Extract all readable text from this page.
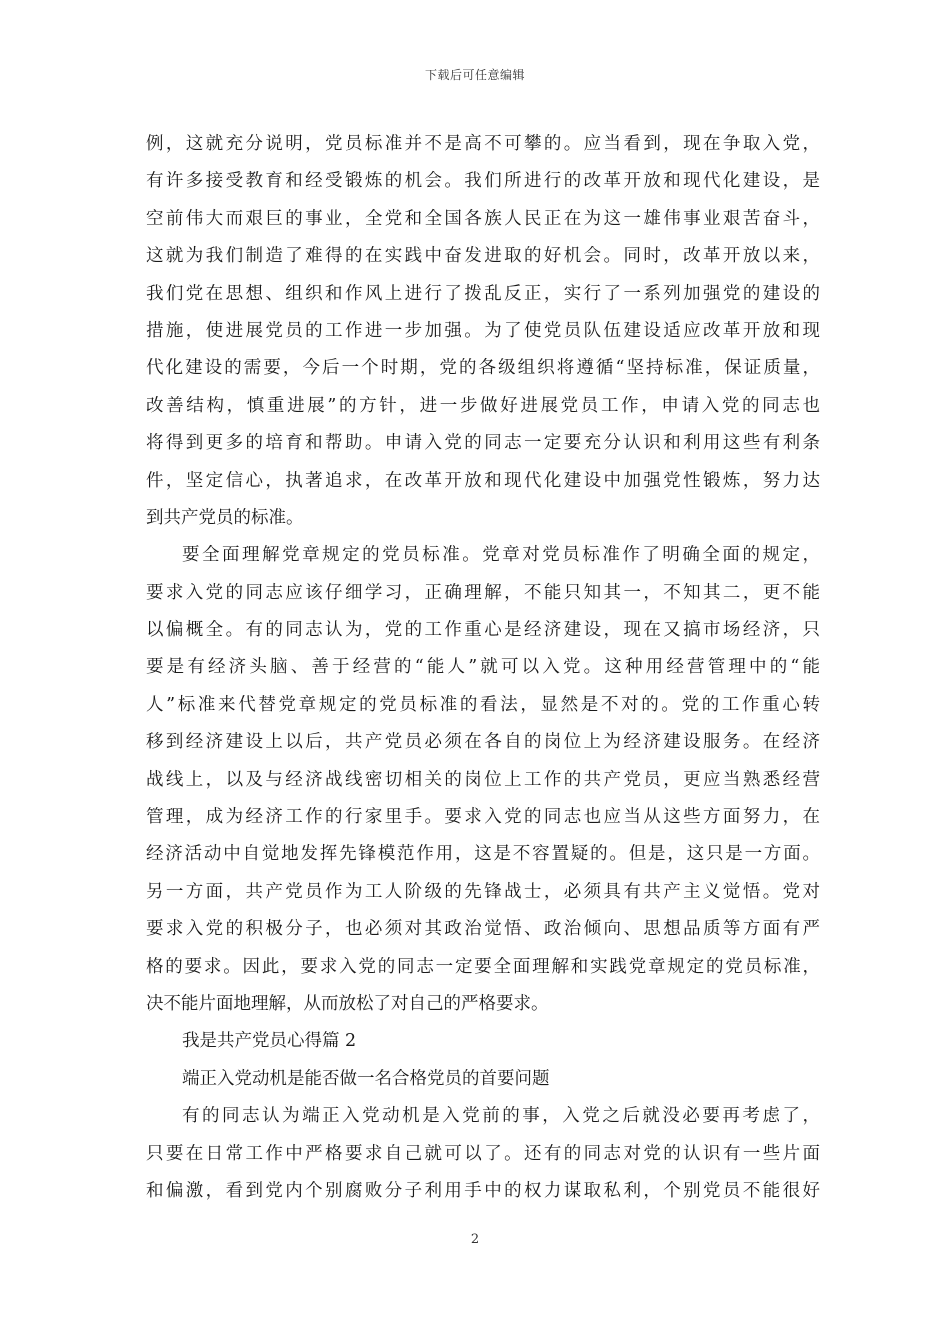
下载后可任意编辑
例，这就充分说明，党员标准并不是高不可攀的。应当看到，现在争取入党，
有许多接受教育和经受锻炼的机会。我们所进行的改革开放和现代化建设，是
空前伟大而艰巨的事业，全党和全国各族人民正在为这一雄伟事业艰苦奋斗，
这就为我们制造了难得的在实践中奋发进取的好机会。同时，改革开放以来，
我们党在思想、组织和作风上进行了拨乱反正，实行了一系列加强党的建设的
措施，使进展党员的工作进一步加强。为了使党员队伍建设适应改革开放和现
代化建设的需要，今后一个时期，党的各级组织将遵循“坚持标准，保证质量，
改善结构，慎重进展”的方针，进一步做好进展党员工作，申请入党的同志也
将得到更多的培育和帮助。申请入党的同志一定要充分认识和利用这些有利条
件，坚定信心，执著追求，在改革开放和现代化建设中加强党性锻炼，努力达
到共产党员的标准。
要全面理解党章规定的党员标准。党章对党员标准作了明确全面的规定，
要求入党的同志应该仔细学习，正确理解，不能只知其一，不知其二，更不能
以偏概全。有的同志认为，党的工作重心是经济建设，现在又搞市场经济，只
要是有经济头脑、善于经营的“能人”就可以入党。这种用经营管理中的“能
人”标准来代替党章规定的党员标准的看法，显然是不对的。党的工作重心转
移到经济建设上以后，共产党员必须在各自的岗位上为经济建设服务。在经济
战线上，以及与经济战线密切相关的岗位上工作的共产党员，更应当熟悉经营
管理，成为经济工作的行家里手。要求入党的同志也应当从这些方面努力，在
经济活动中自觉地发挥先锋模范作用，这是不容置疑的。但是，这只是一方面。
另一方面，共产党员作为工人阶级的先锋战士，必须具有共产主义觉悟。党对
要求入党的积极分子，也必须对其政治觉悟、政治倾向、思想品质等方面有严
格的要求。因此，要求入党的同志一定要全面理解和实践党章规定的党员标准，
决不能片面地理解，从而放松了对自己的严格要求。
我是共产党员心得篇 2
端正入党动机是能否做一名合格党员的首要问题
有的同志认为端正入党动机是入党前的事，入党之后就没必要再考虑了，
只要在日常工作中严格要求自己就可以了。还有的同志对党的认识有一些片面
和偏激，看到党内个别腐败分子利用手中的权力谋取私利，个别党员不能很好
2
